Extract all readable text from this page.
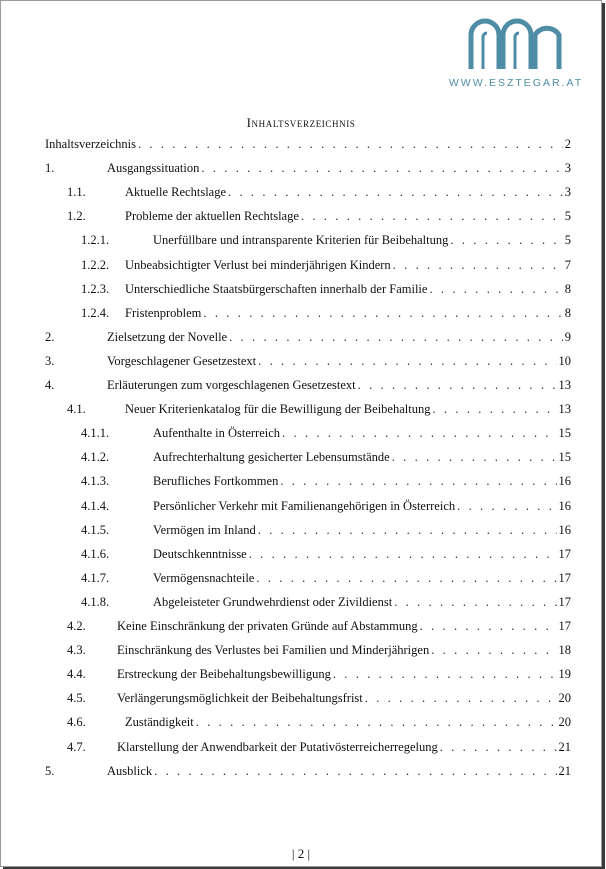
WWW.ESZTEGAR.AT
Inhaltsverzeichnis
Inhaltsverzeichnis . . .	2
1.	Ausgangssituation . . .	3
1.1.	Aktuelle Rechtslage . . .	3
1.2.	Probleme der aktuellen Rechtslage . . .	5
1.2.1.	Unerfüllbare und intransparente Kriterien für Beibehaltung . . .	5
1.2.2. Unbeabsichtigter Verlust bei minderjährigen Kindern . . .	7
1.2.3. Unterschiedliche Staatsbürgerschaften innerhalb der Familie . . .	8
1.2.4. Fristenproblem . . .	8
2.	Zielsetzung der Novelle . . .	9
3.	Vorgeschlagener Gesetzestext . . .	10
4.	Erläuterungen zum vorgeschlagenen Gesetzestext . . .	13
4.1.	Neuer Kriterienkatalog für die Bewilligung der Beibehaltung . . .	13
4.1.1.	Aufenthalte in Österreich . . .	15
4.1.2.	Aufrechterhaltung gesicherter Lebensumstände . . .	15
4.1.3.	Berufliches Fortkommen . . .	16
4.1.4.	Persönlicher Verkehr mit Familienangehörigen in Österreich . . .	16
4.1.5.	Vermögen im Inland . . .	16
4.1.6.	Deutschkenntnisse . . .	17
4.1.7.	Vermögensnachteile . . .	17
4.1.8.	Abgeleisteter Grundwehrdienst oder Zivildienst . . .	17
4.2.	Keine Einschränkung der privaten Gründe auf Abstammung . . .	17
4.3.	Einschränkung des Verlustes bei Familien und Minderjährigen . . .	18
4.4.	Erstreckung der Beibehaltungsbewilligung . . .	19
4.5.	Verlängerungsmöglichkeit der Beibehaltungsfrist . . .	20
4.6.	Zuständigkeit . . .	20
4.7.	Klarstellung der Anwendbarkeit der Putativösterreicherregelung . . .	21
5.	Ausblick . . .	21
| 2 |
